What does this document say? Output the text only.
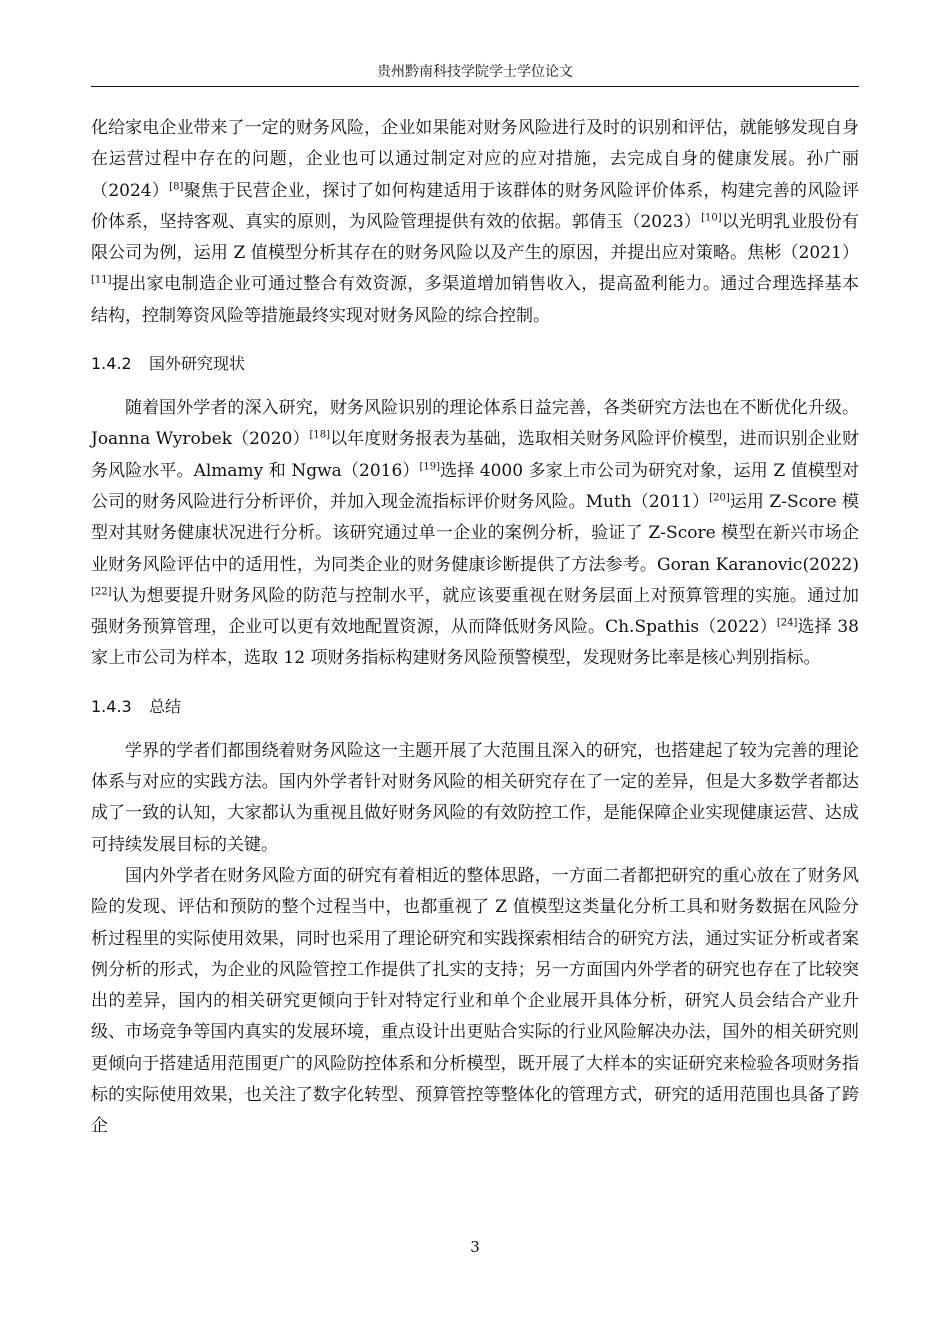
贵州黔南科技学院学士学位论文

化给家电企业带来了一定的财务风险，企业如果能对财务风险进行及时的识别和评估，就能够发现自身在运营过程中存在的问题，企业也可以通过制定对应的应对措施，去完成自身的健康发展。孙广丽（2024）[8]聚焦于民营企业，探讨了如何构建适用于该群体的财务风险评价体系，构建完善的风险评价体系，坚持客观、真实的原则，为风险管理提供有效的依据。郭倩玉（2023）[10]以光明乳业股份有限公司为例，运用 Z 值模型分析其存在的财务风险以及产生的原因，并提出应对策略。焦彬（2021）[11]提出家电制造企业可通过整合有效资源，多渠道增加销售收入，提高盈利能力。通过合理选择基本结构，控制筹资风险等措施最终实现对财务风险的综合控制。

1.4.2 国外研究现状

随着国外学者的深入研究，财务风险识别的理论体系日益完善，各类研究方法也在不断优化升级。Joanna Wyrobek（2020）[18]以年度财务报表为基础，选取相关财务风险评价模型，进而识别企业财务风险水平。Almamy 和 Ngwa（2016）[19]选择 4000 多家上市公司为研究对象，运用 Z 值模型对公司的财务风险进行分析评价，并加入现金流指标评价财务风险。Muth（2011）[20]运用 Z-Score 模型对其财务健康状况进行分析。该研究通过单一企业的案例分析，验证了 Z-Score 模型在新兴市场企业财务风险评估中的适用性，为同类企业的财务健康诊断提供了方法参考。Goran Karanovic(2022)[22]认为想要提升财务风险的防范与控制水平，就应该要重视在财务层面上对预算管理的实施。通过加强财务预算管理，企业可以更有效地配置资源，从而降低财务风险。Ch.Spathis（2022）[24]选择 38 家上市公司为样本，选取 12 项财务指标构建财务风险预警模型，发现财务比率是核心判别指标。

1.4.3 总结

学界的学者们都围绕着财务风险这一主题开展了大范围且深入的研究，也搭建起了较为完善的理论体系与对应的实践方法。国内外学者针对财务风险的相关研究存在了一定的差异，但是大多数学者都达成了一致的认知，大家都认为重视且做好财务风险的有效防控工作，是能保障企业实现健康运营、达成可持续发展目标的关键。

国内外学者在财务风险方面的研究有着相近的整体思路，一方面二者都把研究的重心放在了财务风险的发现、评估和预防的整个过程当中，也都重视了 Z 值模型这类量化分析工具和财务数据在风险分析过程里的实际使用效果，同时也采用了理论研究和实践探索相结合的研究方法，通过实证分析或者案例分析的形式，为企业的风险管控工作提供了扎实的支持；另一方面国内外学者的研究也存在了比较突出的差异，国内的相关研究更倾向于针对特定行业和单个企业展开具体分析，研究人员会结合产业升级、市场竞争等国内真实的发展环境，重点设计出更贴合实际的行业风险解决办法，国外的相关研究则更倾向于搭建适用范围更广的风险防控体系和分析模型，既开展了大样本的实证研究来检验各项财务指标的实际使用效果，也关注了数字化转型、预算管控等整体化的管理方式，研究的适用范围也具备了跨企

3
